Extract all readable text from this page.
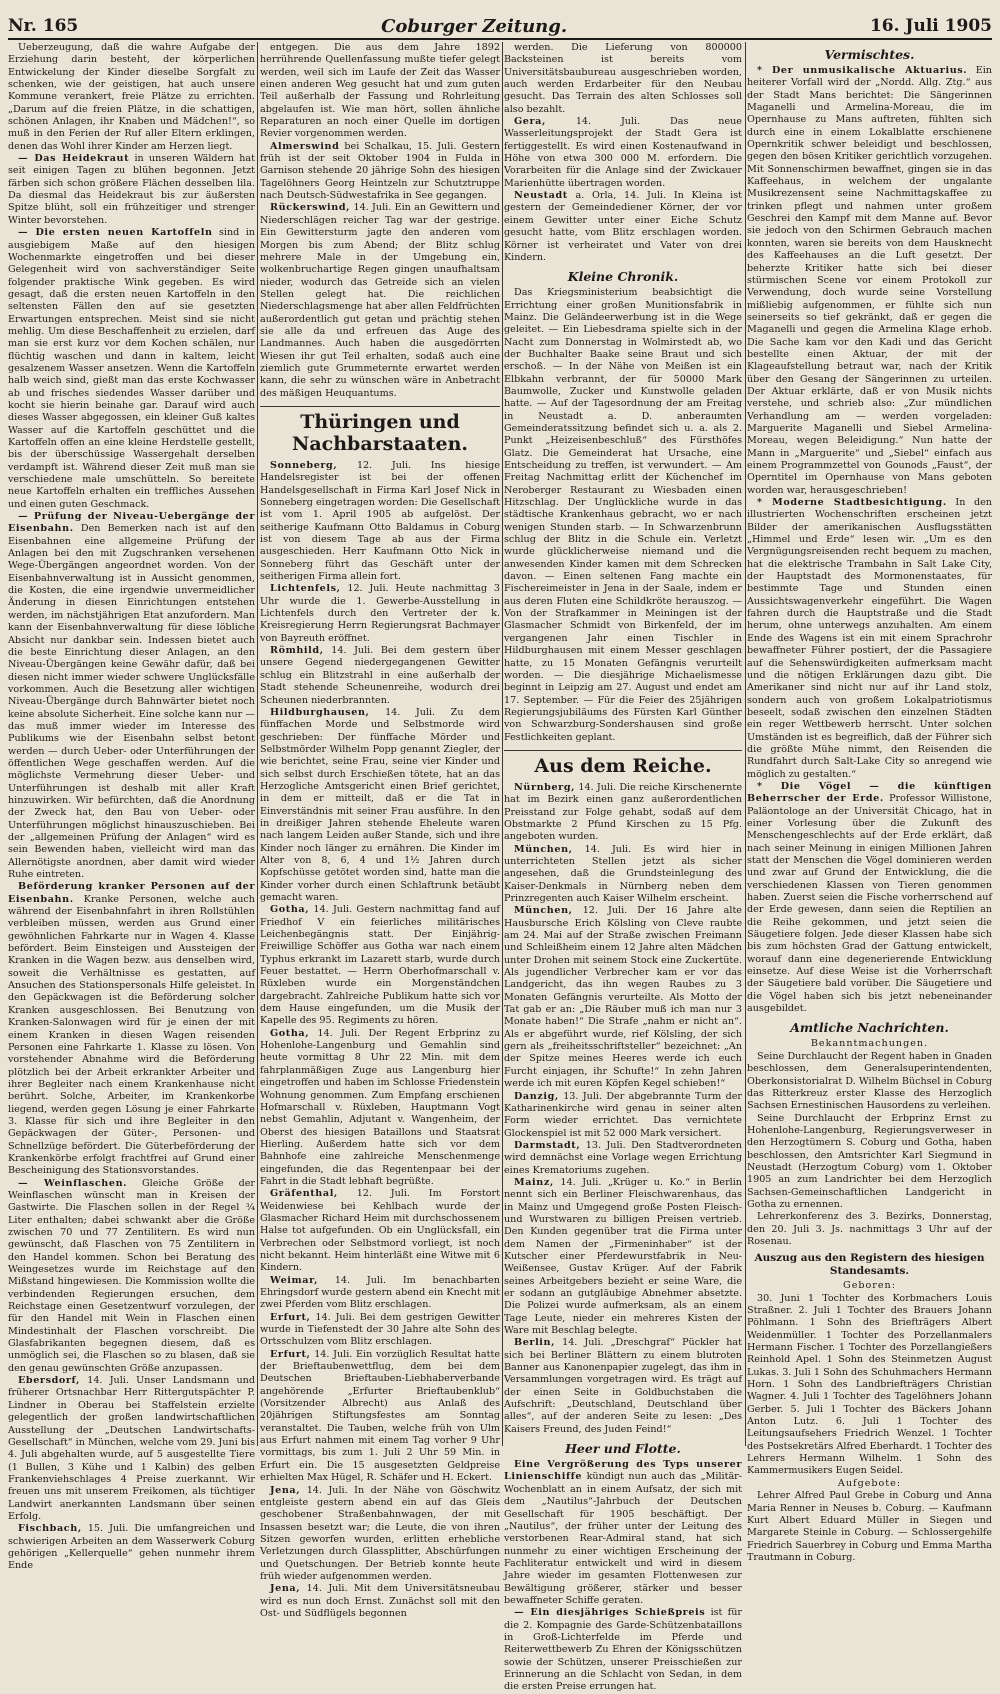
Nr. 165	Coburger Zeitung.	16. Juli 1905

Ueberzeugung, daß die wahre Aufgabe der Erziehung darin besteht, der körperlichen Entwickelung der Kinder dieselbe Sorgfalt zu schenken, wie der geistigen, hat auch unsere Kommune verankert, freie Plätze zu errichten. „Darum auf die freien Plätze, in die schattigen, schönen Anlagen, ihr Knaben und Mädchen!“, so muß in den Ferien der Ruf aller Eltern erklingen, denen das Wohl ihrer Kinder am Herzen liegt.

— Das Heidekraut in unseren Wäldern hat seit einigen Tagen zu blühen begonnen. Jetzt färben sich schon größere Flächen desselben lila. Da diesmal das Heidekraut bis zur äußersten Spitze blüht, soll ein frühzeitiger und strenger Winter bevorstehen.

— Die ersten neuen Kartoffeln sind in ausgiebigem Maße auf den hiesigen Wochenmarkte eingetroffen und bei dieser Gelegenheit wird von sachverständiger Seite folgender praktische Wink gegeben. Es wird gesagt, daß die ersten neuen Kartoffeln in den seltensten Fällen den auf sie gesetzten Erwartungen entsprechen. Meist sind sie nicht mehlig. Um diese Beschaffenheit zu erzielen, darf man sie erst kurz vor dem Kochen schälen, nur flüchtig waschen und dann in kaltem, leicht gesalzenem Wasser ansetzen. Wenn die Kartoffeln halb weich sind, gießt man das erste Kochwasser ab und frisches siedendes Wasser darüber und kocht sie hierin beinahe gar. Darauf wird auch dieses Wasser abgegossen, ein kleiner Guß kaltes Wasser auf die Kartoffeln geschüttet und die Kartoffeln offen an eine kleine Herdstelle gestellt, bis der überschüssige Wassergehalt derselben verdampft ist. Während dieser Zeit muß man sie verschiedene male umschütteln. So bereitete neue Kartoffeln erhalten ein treffliches Aussehen und einen guten Geschmack.

— Prüfung der Niveau-Uebergänge der Eisenbahn. Den Bemerken nach ist auf den Eisenbahnen eine allgemeine Prüfung der Anlagen bei den mit Zugschranken versehenen Wege-Übergängen angeordnet worden. Von der Eisenbahnverwaltung ist in Aussicht genommen, die Kosten, die eine irgendwie unvermeidlicher Änderung in diesen Einrichtungen entstehen werden, im nächstjährigen Etat anzufordern. Man kann der Eisenbahnverwaltung für diese löbliche Absicht nur dankbar sein. Indessen bietet auch die beste Einrichtung dieser Anlagen, an den Niveau-Übergängen keine Gewähr dafür, daß bei diesen nicht immer wieder schwere Unglücksfälle vorkommen. Auch die Besetzung aller wichtigen Niveau-Übergänge durch Bahnwärter bietet noch keine absolute Sicherheit. Eine solche kann nur — das muß immer wieder im Interesse des Publikums wie der Eisenbahn selbst betont werden — durch Ueber- oder Unterführungen der öffentlichen Wege geschaffen werden. Auf die möglichste Vermehrung dieser Ueber- und Unterführungen ist deshalb mit aller Kraft hinzuwirken. Wir befürchten, daß die Anordnung der Zweck hat, den Bau von Ueber- oder Unterführungen möglichst hinauszuschieben. Bei der „allgemeinen Prüfung der Anlagen“ wird es sein Bewenden haben, vielleicht wird man das Allernötigste anordnen, aber damit wird wieder Ruhe eintreten.

Beförderung kranker Personen auf der Eisenbahn. Kranke Personen, welche auch während der Eisenbahnfahrt in ihren Rollstühlen verbleiben müssen, werden aus Grund einer gewöhnlichen Fahrkarte nur in Wagen 4. Klasse befördert. Beim Einsteigen und Aussteigen der Kranken in die Wagen bezw. aus denselben wird, soweit die Verhältnisse es gestatten, auf Ansuchen des Stationspersonals Hilfe geleistet. In den Gepäckwagen ist die Beförderung solcher Kranken ausgeschlossen. Bei Benutzung von Kranken-Salonwagen wird für je einen der mit einem Kranken in diesen Wagen reisenden Personen eine Fahrkarte 1. Klasse zu lösen. Von vorstehender Abnahme wird die Beförderung plötzlich bei der Arbeit erkrankter Arbeiter und ihrer Begleiter nach einem Krankenhause nicht berührt. Solche, Arbeiter, im Krankenkorbe liegend, werden gegen Lösung je einer Fahrkarte 3. Klasse für sich und ihre Begleiter in den Gepäckwagen der Güter-, Personen- und Schnellzüge befördert. Die Güterbeförderung der Krankenkörbe erfolgt frachtfrei auf Grund einer Bescheinigung des Stationsvorstandes.

— Weinflaschen. Gleiche Größe der Weinflaschen wünscht man in Kreisen der Gastwirte. Die Flaschen sollen in der Regel ¾ Liter enthalten; dabei schwankt aber die Größe zwischen 70 und 77 Zentilitern. Es wird nun gewünscht, daß Flaschen von 75 Zentilitern in den Handel kommen. Schon bei Beratung des Weingesetzes wurde im Reichstage auf den Mißstand hingewiesen. Die Kommission wollte die verbindenden Regierungen ersuchen, dem Reichstage einen Gesetzentwurf vorzulegen, der für den Handel mit Wein in Flaschen einen Mindestinhalt der Flaschen vorschreibt. Die Glasfabrikanten begegnen diesem, daß es unmöglich sei, die Flaschen so zu blasen, daß sie den genau gewünschten Größe anzupassen.

Ebersdorf, 14. Juli. Unser Landsmann und früherer Ortsnachbar Herr Rittergutspächter P. Lindner in Oberau bei Staffelstein erzielte gelegentlich der großen landwirtschaftlichen Ausstellung der „Deutschen Landwirtschafts-Gesellschaft“ in München, welche vom 29. Juni bis 4. Juli abgehalten wurde, auf 5 ausgestellte Tiere (1 Bullen, 3 Kühe und 1 Kalbin) des gelben Frankenviehschlages 4 Preise zuerkannt. Wir freuen uns mit unserem Freikomen, als tüchtiger Landwirt anerkannten Landsmann über seinen Erfolg.

Fischbach, 15. Juli. Die umfangreichen und schwierigen Arbeiten an dem Wasserwerk Coburg gehörigen „Kellerquelle“ gehen nunmehr ihrem Ende

entgegen. Die aus dem Jahre 1892 herrührende Quellenfassung mußte tiefer gelegt werden, weil sich im Laufe der Zeit das Wasser einen anderen Weg gesucht hat und zum guten Teil außerhalb der Fassung und Rohrleitung abgelaufen ist. Wie man hört, sollen ähnliche Reparaturen an noch einer Quelle im dortigen Revier vorgenommen werden.

Almerswind bei Schalkau, 15. Juli. Gestern früh ist der seit Oktober 1904 in Fulda in Garnison stehende 20 jährige Sohn des hiesigen Tagelöhners Georg Heintzeln zur Schutztruppe nach Deutsch-Südwestafrika in See gegangen.

Rückerswind, 14. Juli. Ein an Gewittern und Niederschlägen reicher Tag war der gestrige. Ein Gewittersturm jagte den anderen vom Morgen bis zum Abend; der Blitz schlug mehrere Male in der Umgebung ein, wolkenbruchartige Regen gingen unaufhaltsam nieder, wodurch das Getreide sich an vielen Stellen gelegt hat. Die reichlichen Niederschlagsmenge hat aber allen Feldfrüchten außerordentlich gut getan und prächtig stehen sie alle da und erfreuen das Auge des Landmannes. Auch haben die ausgedörrten Wiesen ihr gut Teil erhalten, sodaß auch eine ziemlich gute Grummeternte erwartet werden kann, die sehr zu wünschen wäre in Anbetracht des mäßigen Heuquantums.

Thüringen und Nachbarstaaten.

Sonneberg, 12. Juli. Ins hiesige Handelsregister ist bei der offenen Handelsgesellschaft in Firma Karl Josef Nick in Sonneberg eingetragen worden: Die Gesellschaft ist vom 1. April 1905 ab aufgelöst. Der seitherige Kaufmann Otto Baldamus in Coburg ist von diesem Tage ab aus der Firma ausgeschieden. Herr Kaufmann Otto Nick in Sonneberg führt das Geschäft unter der seitherigen Firma allein fort.

Lichtenfels, 12. Juli. Heute nachmittag 3 Uhr wurde die 1. Gewerbe-Ausstellung in Lichtenfels durch den Vertreter der k. Kreisregierung Herrn Regierungsrat Bachmayer von Bayreuth eröffnet.

Römhild, 14. Juli. Bei dem gestern über unsere Gegend niedergegangenen Gewitter schlug ein Blitzstrahl in eine außerhalb der Stadt stehende Scheunenreihe, wodurch drei Scheunen niederbrannten.

Hildburghausen, 14. Juli. Zu dem fünffachen Morde und Selbstmorde wird geschrieben: Der fünffache Mörder und Selbstmörder Wilhelm Popp genannt Ziegler, der wie berichtet, seine Frau, seine vier Kinder und sich selbst durch Erschießen tötete, hat an das Herzogliche Amtsgericht einen Brief gerichtet, in dem er mitteilt, daß er die Tat in Einverständnis mit seiner Frau ausführe. In den in dreißiger Jahren stehende Eheleute waren nach langem Leiden außer Stande, sich und ihre Kinder noch länger zu ernähren. Die Kinder im Alter von 8, 6, 4 und 1½ Jahren durch Kopfschüsse getötet worden sind, hatte man die Kinder vorher durch einen Schlaftrunk betäubt gemacht waren.

Gotha, 14. Juli. Gestern nachmittag fand auf Friedhof V ein feierliches militärisches Leichenbegängnis statt. Der Einjährig-Freiwillige Schöffer aus Gotha war nach einem Typhus erkrankt im Lazarett starb, wurde durch Feuer bestattet. — Herrn Oberhofmarschall v. Rüxleben wurde ein Morgenständchen dargebracht. Zahlreiche Publikum hatte sich vor dem Hause eingefunden, um die Musik der Kapelle des 95. Regiments zu hören.

Gotha, 14. Juli. Der Regent Erbprinz zu Hohenlohe-Langenburg und Gemahlin sind heute vormittag 8 Uhr 22 Min. mit dem fahrplanmäßigen Zuge aus Langenburg hier eingetroffen und haben im Schlosse Friedenstein Wohnung genommen. Zum Empfang erschienen Hofmarschall v. Rüxleben, Hauptmann Vogt nebst Gemahlin, Adjutant v. Wangenheim, der Oberst des hiesigen Bataillons und Staatsrat Hierling. Außerdem hatte sich vor dem Bahnhofe eine zahlreiche Menschenmenge eingefunden, die das Regentenpaar bei der Fahrt in die Stadt lebhaft begrüßte.

Gräfenthal, 12. Juli. Im Forstort Weidenwiese bei Kehlbach wurde der Glasmacher Richard Heim mit durchschossenem Halse tot aufgefunden. Ob ein Unglücksfall, ein Verbrechen oder Selbstmord vorliegt, ist noch nicht bekannt. Heim hinterläßt eine Witwe mit 6 Kindern.

Weimar, 14. Juli. Im benachbarten Ehringsdorf wurde gestern abend ein Knecht mit zwei Pferden vom Blitz erschlagen.

Erfurt, 14. Juli. Bei dem gestrigen Gewitter wurde in Tiefenstedt der 30 Jahre alte Sohn des Ortsschulzen vom Blitz erschlagen.

Erfurt, 14. Juli. Ein vorzüglich Resultat hatte der Brieftaubenwettflug, dem bei dem Deutschen Brieftauben-Liebhaberverbande angehörende „Erfurter Brieftaubenklub“ (Vorsitzender Albrecht) aus Anlaß des 20jährigen Stiftungsfestes am Sonntag veranstaltet. Die Tauben, welche früh von Ulm aus Erfurt nahmen mit einem Tag vorher 9 Uhr vormittags, bis zum 1. Juli 2 Uhr 59 Min. in Erfurt ein. Die 15 ausgesetzten Geldpreise erhielten Max Hügel, R. Schäfer und H. Eckert.

Jena, 14. Juli. In der Nähe von Göschwitz entgleiste gestern abend ein auf das Gleis geschobener Straßenbahnwagen, der mit Insassen besetzt war; die Leute, die von ihren Sitzen geworfen wurden, erlitten erhebliche Verletzungen durch Glassplitter, Abschürfungen und Quetschungen. Der Betrieb konnte heute früh wieder aufgenommen werden.

Jena, 14. Juli. Mit dem Universitätsneubau wird es nun doch Ernst. Zunächst soll mit den Ost- und Südflügels begonnen

werden. Die Lieferung von 800000 Backsteinen ist bereits vom Universitätsbaubureau ausgeschrieben worden, auch werden Erdarbeiter für den Neubau gesucht. Das Terrain des alten Schlosses soll also bezahlt.

Gera,	14. Juli. Das neue Wasserleitungsprojekt der Stadt Gera ist fertiggestellt. Es wird einen Kostenaufwand in Höhe von etwa 300 000 M. erfordern. Die Vorarbeiten für die Anlage sind der Zwickauer Marienhütte übertragen worden.

Neustadt a. Orla, 14. Juli. In Kleina ist gestern der Gemeindediener Körner, der vor einem Gewitter unter einer Eiche Schutz gesucht hatte, vom Blitz erschlagen worden. Körner ist verheiratet und Vater von drei Kindern.

Kleine Chronik.

Das Kriegsministerium beabsichtigt die Errichtung einer großen Munitionsfabrik in Mainz. Die Geländeerwerbung ist in die Wege geleitet. — Ein Liebesdrama spielte sich in der Nacht zum Donnerstag in Wolmirstedt ab, wo der Buchhalter Baake seine Braut und sich erschoß. — In der Nähe von Meißen ist ein Elbkahn verbrannt, der für 50000 Mark Baumwolle, Zucker und Kunstwolle geladen hatte. — Auf der Tagesordnung der am Freitag in Neustadt a. D. anberaumten Gemeinderatssitzung befindet sich u. a. als 2. Punkt „Heizeisenbeschluß“ des Fürsthöfes Glatz. Die Gemeinderat hat Ursache, eine Entscheidung zu treffen, ist verwundert. — Am Freitag Nachmittag erlitt der Küchenchef im Neroberger Restaurant zu Wiesbaden einen Hitzschlag. Der Unglückliche wurde in das städtische Krankenhaus gebracht, wo er nach wenigen Stunden starb. — In Schwarzenbrunn schlug der Blitz in die Schule ein. Verletzt wurde glücklicherweise niemand und die anwesenden Kinder kamen mit dem Schrecken davon. — Einen seltenen Fang machte ein Fischereimeister in Jena in der Saale, indem er aus deren Fluten eine Schildkröte herauszog. — Von der Strafkammer in Meiningen ist der Glasmacher Schmidt von Birkenfeld, der im vergangenen Jahr einen Tischler in Hildburghausen mit einem Messer geschlagen hatte, zu 15 Monaten Gefängnis verurteilt worden. — Die diesjährige Michaelismesse beginnt in Leipzig am 27. August und endet am 17. September. — Für die Feier des 25jährigen Regierungsjubiläums des Fürsten Karl Günther von Schwarzburg-Sondershausen sind große Festlichkeiten geplant.

Aus dem Reiche.

Nürnberg, 14. Juli. Die reiche Kirschenernte hat im Bezirk einen ganz außerordentlichen Preisstand zur Folge gehabt, sodaß auf dem Obstmarkte 2 Pfund Kirschen zu 15 Pfg. angeboten wurden.

München, 14. Juli. Es wird hier in unterrichteten Stellen jetzt als sicher angesehen, daß die Grundsteinlegung des Kaiser-Denkmals in Nürnberg neben dem Prinzregenten auch Kaiser Wilhelm erscheint.

München, 12. Juli. Der 16 Jahre alte Hausbursche Erich Kölsling von Cleve raubte am 24. Mai auf der Straße zwischen Freimann und Schleißheim einem 12 Jahre alten Mädchen unter Drohen mit seinem Stock eine Zuckertüte. Als jugendlicher Verbrecher kam er vor das Landgericht, das ihn wegen Raubes zu 3 Monaten Gefängnis verurteilte. Als Motto der Tat gab er an: „Die Räuber muß ich man nur 3 Monate haben!“ Die Strafe „nahm er nicht an“. Als er abgeführt wurde, rief Kölsling, der sich gern als „freiheitsschriftsteller“ bezeichnet: „An der Spitze meines Heeres werde ich euch Furcht einjagen, ihr Schufte!“ In zehn Jahren werde ich mit euren Köpfen Kegel schieben!“

Danzig, 13. Juli. Der abgebrannte Turm der Katharinenkirche wird genau in seiner alten Form wieder errichtet. Das vernichtete Glockenspiel ist mit 52 000 Mark versichert.

Darmstadt, 13. Juli. Den Stadtverordneten wird demnächst eine Vorlage wegen Errichtung eines Krematoriums zugehen.

Mainz, 14. Juli. „Krüger u. Ko.“ in Berlin nennt sich ein Berliner Fleischwarenhaus, das in Mainz und Umgegend große Posten Fleisch- und Wurstwaren zu billigen Preisen vertrieb. Den Kunden gegenüber trat die Firma unter dem Namen der „Firmeninhaber“ ist der Kutscher einer Pferdewurstfabrik in Neu-Weißensee, Gustav Krüger. Auf der Fabrik seines Arbeitgebers bezieht er seine Ware, die er sodann an gutgläubige Abnehmer absetzte. Die Polizei wurde aufmerksam, als an einem Tage Leute, nieder ein mehreres Kisten der Ware mit Beschlag belegte.

Berlin, 14. Juli. „Dreschgraf“ Pückler hat sich bei Berliner Blättern zu einem blutroten Banner aus Kanonenpapier zugelegt, das ihm in Versammlungen vorgetragen wird. Es trägt auf der einen Seite in Goldbuchstaben die Aufschrift: „Deutschland, Deutschland über alles“, auf der anderen Seite zu lesen: „Des Kaisers Freund, des Juden Feind!“

Heer und Flotte.

Eine Vergrößerung des Typs unserer Linienschiffe kündigt nun auch das „Militär-Wochenblatt an in einem Aufsatz, der sich mit dem „Nautilus“-Jahrbuch der Deutschen Gesellschaft für 1905 beschäftigt. Der „Nautilus“, der früher unter der Leitung des verstorbenen Rear-Admiral stand, hat sich nunmehr zu einer wichtigen Erscheinung der Fachliteratur entwickelt und wird in diesem Jahre wieder im gesamten Flottenwesen zur Bewältigung größerer, stärker und besser bewaffneter Schiffe geraten.

— Ein diesjähriges Schießpreis ist für die 2. Kompagnie des Garde-Schützenbataillons in Groß-Lichterfelde im Pferde und Reiterwettbewerb Zu Ehren der Königsschützen sowie der Schützen, unserer Preisschießen zur Erinnerung an die Schlacht von Sedan, in dem die ersten Preise errungen hat.

Vermischtes.

* Der unmusikalische Aktuarius. Ein heiterer Vorfall wird der „Nordd. Allg. Ztg.“ aus der Stadt Mans berichtet: Die Sängerinnen Maganelli und Armelina-Moreau, die im Opernhause zu Mans auftreten, fühlten sich durch eine in einem Lokalblatte erschienene Opernkritik schwer beleidigt und beschlossen, gegen den bösen Kritiker gerichtlich vorzugehen. Mit Sonnenschirmen bewaffnet, gingen sie in das Kaffeehaus, in welchem der ungalante Musikrezensent seine Nachmittagskaffee zu trinken pflegt und nahmen unter großem Geschrei den Kampf mit dem Manne auf. Bevor sie jedoch von den Schirmen Gebrauch machen konnten, waren sie bereits von dem Hausknecht des Kaffeehauses an die Luft gesetzt. Der beherzte Kritiker hatte sich bei dieser stürmischen Scene vor einem Protokoll zur Verwendung, doch wurde seine Vorstellung mißliebig aufgenommen, er fühlte sich nun seinerseits so tief gekränkt, daß er gegen die Maganelli und gegen die Armelina Klage erhob. Die Sache kam vor den Kadi und das Gericht bestellte einen Aktuar, der mit der Klageaufstellung betraut war, nach der Kritik über den Gesang der Sängerinnen zu urteilen. Der Aktuar erklärte, daß er von Musik nichts verstehe, und schrieb also: „Zur mündlichen Verhandlung am — werden vorgeladen: Marguerite Maganelli und Siebel Armelina-Moreau, wegen Beleidigung.“ Nun hatte der Mann in „Marguerite“ und „Siebel“ einfach aus einem Programmzettel von Gounods „Faust“, der Operntitel im Opernhause von Mans geboten worden war, herausgeschrieben!

* Moderne Stadtbesichtigung. In den illustrierten Wochenschriften erscheinen jetzt Bilder der amerikanischen Ausflugsstätten „Himmel und Erde“ lesen wir. „Um es den Vergnügungsreisenden recht bequem zu machen, hat die elektrische Trambahn in Salt Lake City, der Hauptstadt des Mormonenstaates, für bestimmte Tage und Stunden einen Aussichtswagenverkehr eingeführt. Die Wagen fahren durch die Hauptstraße und die Stadt herum, ohne unterwegs anzuhalten. Am einem Ende des Wagens ist ein mit einem Sprachrohr bewaffneter Führer postiert, der die Passagiere auf die Sehenswürdigkeiten aufmerksam macht und die nötigen Erklärungen dazu gibt. Die Amerikaner sind nicht nur auf ihr Land stolz, sondern auch von großem Lokalpatriotismus beseelt, sodaß zwischen den einzelnen Städten ein reger Wettbewerb herrscht. Unter solchen Umständen ist es begreiflich, daß der Führer sich die größte Mühe nimmt, den Reisenden die Rundfahrt durch Salt-Lake City so anregend wie möglich zu gestalten.“

* Die Vögel — die künftigen Beherrscher der Erde. Professor Willistone, Paläontologe an der Universität Chicago, hat in einer Vorlesung über die Zukunft des Menschengeschlechts auf der Erde erklärt, daß nach seiner Meinung in einigen Millionen Jahren statt der Menschen die Vögel dominieren werden und zwar auf Grund der Entwicklung, die die verschiedenen Klassen von Tieren genommen haben. Zuerst seien die Fische vorherrschend auf der Erde gewesen, dann seien die Reptilien an die Reihe gekommen, und jetzt seien die Säugetiere folgen. Jede dieser Klassen habe sich bis zum höchsten Grad der Gattung entwickelt, worauf dann eine degenerierende Entwicklung einsetze. Auf diese Weise ist die Vorherrschaft der Säugetiere bald vorüber. Die Säugetiere und die Vögel haben sich bis jetzt nebeneinander ausgebildet.

Amtliche Nachrichten.

Bekanntmachungen.

Seine Durchlaucht der Regent haben in Gnaden beschlossen, dem Generalsuperintendenten, Oberkonsistorialrat D. Wilhelm Büchsel in Coburg das Ritterkreuz erster Klasse des Herzoglich Sachsen Ernestinischen Hausordens zu verleihen.

Seine Durchlaucht der Erbprinz Ernst zu Hohenlohe-Langenburg, Regierungsverweser in den Herzogtümern S. Coburg und Gotha, haben beschlossen, den Amtsrichter Karl Siegmund in Neustadt (Herzogtum Coburg) vom 1. Oktober 1905 an zum Landrichter bei dem Herzoglich Sachsen-Gemeinschaftlichen Landgericht in Gotha zu ernennen.

Lehrerkonferenz des 3. Bezirks, Donnerstag, den 20. Juli 3. Js. nachmittags 3 Uhr auf der Rosenau.

Auszug aus den Registern des hiesigen Standesamts.

Geboren:

30. Juni 1 Tochter des Korbmachers Louis Straßner. 2. Juli 1 Tochter des Brauers Johann Pöhlmann. 1 Sohn des Briefträgers Albert Weidenmüller. 1 Tochter des Porzellanmalers Hermann Fischer. 1 Tochter des Porzellangießers Reinhold Apel. 1 Sohn des Steinmetzen August Lukas. 3. Juli 1 Sohn des Schuhmachers Hermann Horn. 1 Sohn des Landbriefträgers Christian Wagner. 4. Juli 1 Tochter des Tagelöhners Johann Gerber. 5. Juli 1 Tochter des Bäckers Johann Anton Lutz. 6. Juli 1 Tochter des Leitungsaufsehers Friedrich Wenzel. 1 Tochter des Postsekretärs Alfred Eberhardt. 1 Tochter des Lehrers Hermann Wilhelm. 1 Sohn des Kammermusikers Eugen Seidel.

Aufgebote:

Lehrer Alfred Paul Grebe in Coburg und Anna Maria Renner in Neuses b. Coburg. — Kaufmann Kurt Albert Eduard Müller in Siegen und Margarete Steinle in Coburg. — Schlossergehilfe Friedrich Sauerbrey in Coburg und Emma Martha Trautmann in Coburg.
